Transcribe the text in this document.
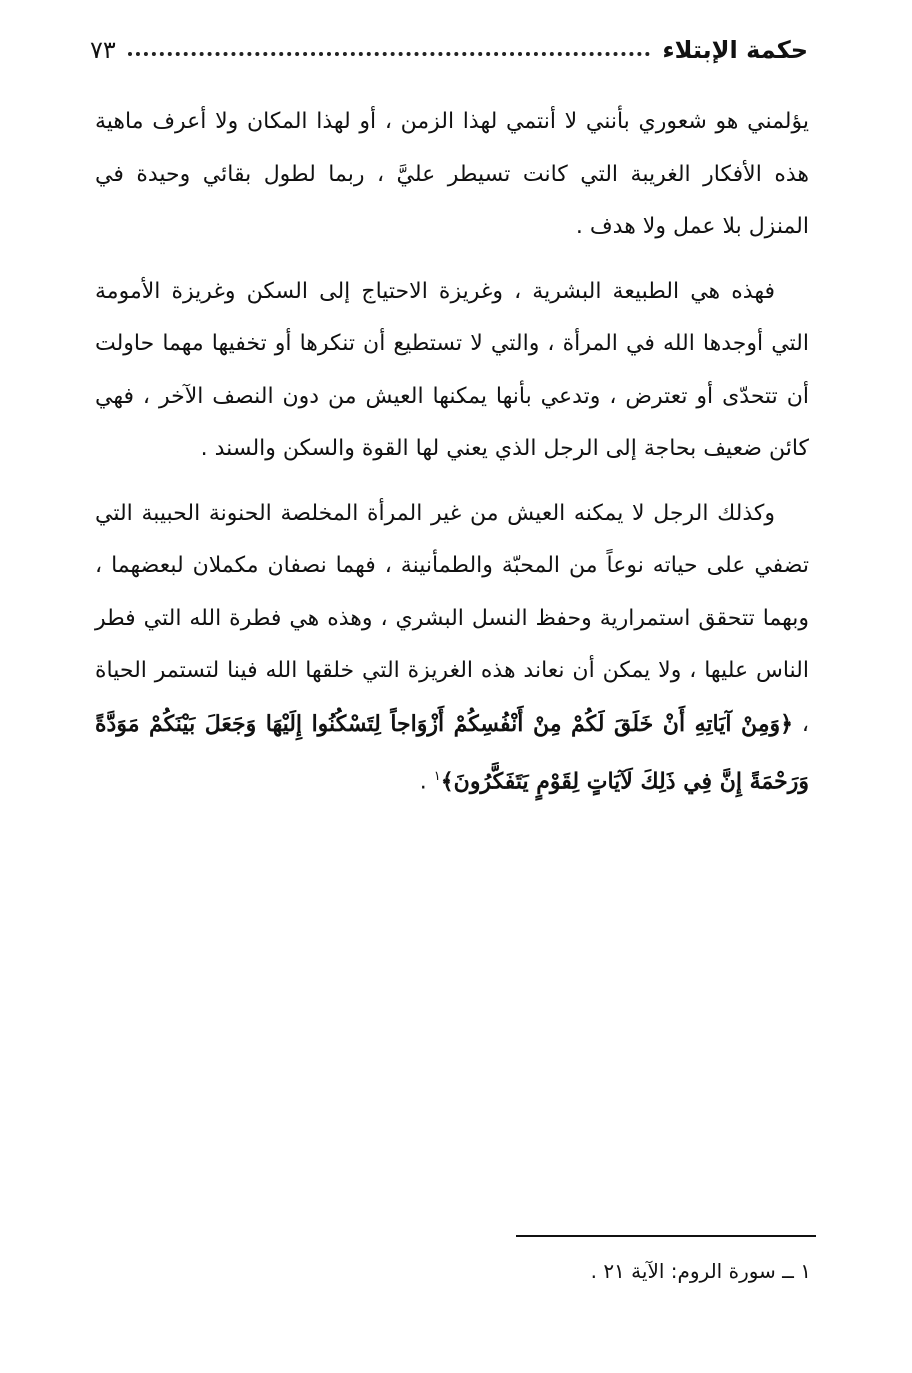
حكمة الإبتلاء
٧٣

يؤلمني هو شعوري بأنني لا أنتمي لهذا الزمن ، أو لهذا المكان ولا أعرف ماهية هذه الأفكار الغريبة التي كانت تسيطر عليَّ ، ربما لطول بقائي وحيدة في المنزل بلا عمل ولا هدف .

فهذه هي الطبيعة البشرية ، وغريزة الاحتياج إلى السكن وغريزة الأمومة التي أوجدها الله في المرأة ، والتي لا تستطيع أن تنكرها أو تخفيها مهما حاولت أن تتحدّى أو تعترض ، وتدعي بأنها يمكنها العيش من دون النصف الآخر ، فهي كائن ضعيف بحاجة إلى الرجل الذي يعني لها القوة والسكن والسند .

وكذلك الرجل لا يمكنه العيش من غير المرأة المخلصة الحنونة الحبيبة التي تضفي على حياته نوعاً من المحبّة والطمأنينة ، فهما نصفان مكملان لبعضهما ، وبهما تتحقق استمرارية وحفظ النسل البشري ، وهذه هي فطرة الله التي فطر الناس عليها ، ولا يمكن أن نعاند هذه الغريزة التي خلقها الله فينا لتستمر الحياة ، ﴿وَمِنْ آيَاتِهِ أَنْ خَلَقَ لَكُمْ مِنْ أَنْفُسِكُمْ أَزْوَاجاً لِتَسْكُنُوا إِلَيْهَا وَجَعَلَ بَيْنَكُمْ مَوَدَّةً وَرَحْمَةً إِنَّ فِي ذَلِكَ لَآيَاتٍ لِقَوْمٍ يَتَفَكَّرُونَ﴾$^١$ .

١ ــ سورة الروم: الآية ٢١ .
